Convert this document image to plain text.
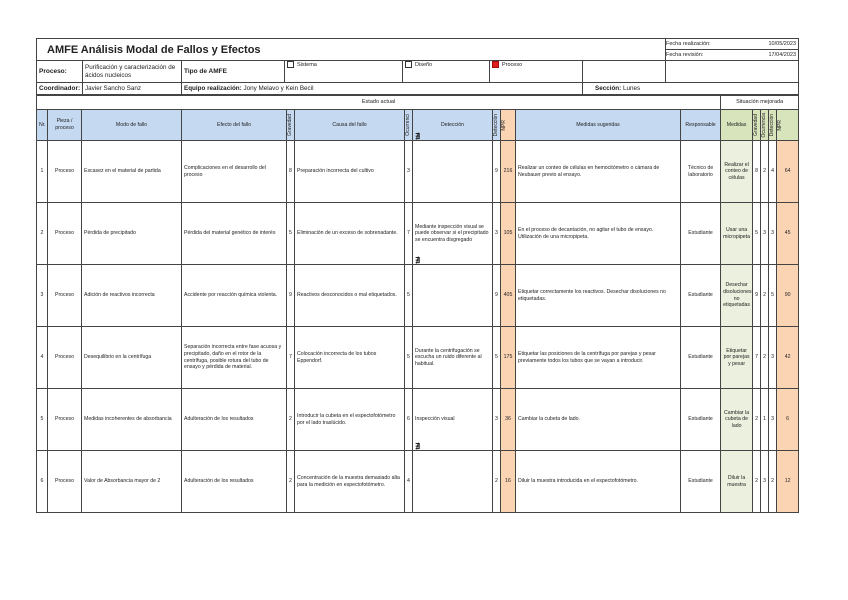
AMFE Análisis Modal de Fallos y Efectos							Fecha realización: 10/05/2023

							Fecha revisión: 17/04/2023

Proceso:	Purificación y caracterización de ácidos nucleicos	Tipo de AMFE	Sistema	Diseño	Proceso		
Coordinador:	Javier Sancho Sanz	Equipo realización: Jony Melavo y Kein Becil				Sección: Lunes	
Estado actual												Situación mejorada				
Nr.	Pieza / proceso	Modo de fallo	Efecto del fallo	Gravedad	Causa del fallo	Ocurrenci	Detección	Detección	NPR	Medidas sugeridas	Responsable	Medidas	Gravedad	Ocurrencia	Detección	NPR

1	Proceso	Escasez en el material de partida	Complicaciones en el desarrollo del proceso	8	Preparación incorrecta del cultivo	3	∄	9	216	Realizar un conteo de células en hemocitómetro o cámara de Neubauer previo al ensayo.	Técnico de laboratorio	Realizar el conteo de células	8	2	4	64
2	Proceso	Pérdida de precipitado	Pérdida del material genético de interés	5	Eliminación de un exceso de sobrenadante.	7	Mediante inspección visual se puede observar si el precipitado se encuentra disgregado	3	105	En el proceso de decantación, no agitar el tubo de ensayo. Utilización de una micropipeta.	Estudiante	Usar una micropipeta	5	3	3	45
3	Proceso	Adición de reactivos incorrecta	Accidente por reacción química violenta.	9	Reactivos desconocidos o mal etiquetados.	5	∄	9	405	Etiquetar correctamente los reactivos. Desechar disoluciones no etiquetadas.	Estudiante	Desechar disoluciones no etiquetadas	9	2	5	90
4	Proceso	Desequilibrio en la centrífuga	Separación incorrecta entre fase acuosa y precipitado, daño en el rotor de la centrífuga, posible rotura del tubo de ensayo y pérdida de material.	7	Colocación incorrecta de los tubos Eppendorf.	5	Durante la centrifugación se escucha un ruido diferente al habitual.	5	175	Etiquetar las posiciones de la centrífuga por parejas y pesar previamente todos los tubos que se vayan a introducir.	Estudiante	Etiquetar por parejas y pesar	7	2	3	42
5	Proceso	Medidas incoherentes de absorbancia	Adulteración de los resultados	2	Introducir la cubeta en el espectofotómetro por el lado traslúcido.	6	Inspección visual	3	36	Cambiar la cubeta de lado.	Estudiante	Cambiar la cubeta de lado	2	1	3	6
6	Proceso	Valor de Absorbancia mayor de 2	Adulteración de los resultados	2	Concentración de la muestra demasiado alta para la medición en espectofotómetro.	4	∄	2	16	Diluir la muestra introducida en el espectofotómetro.	Estudiante	Diluir la muestra	2	3	2	12
